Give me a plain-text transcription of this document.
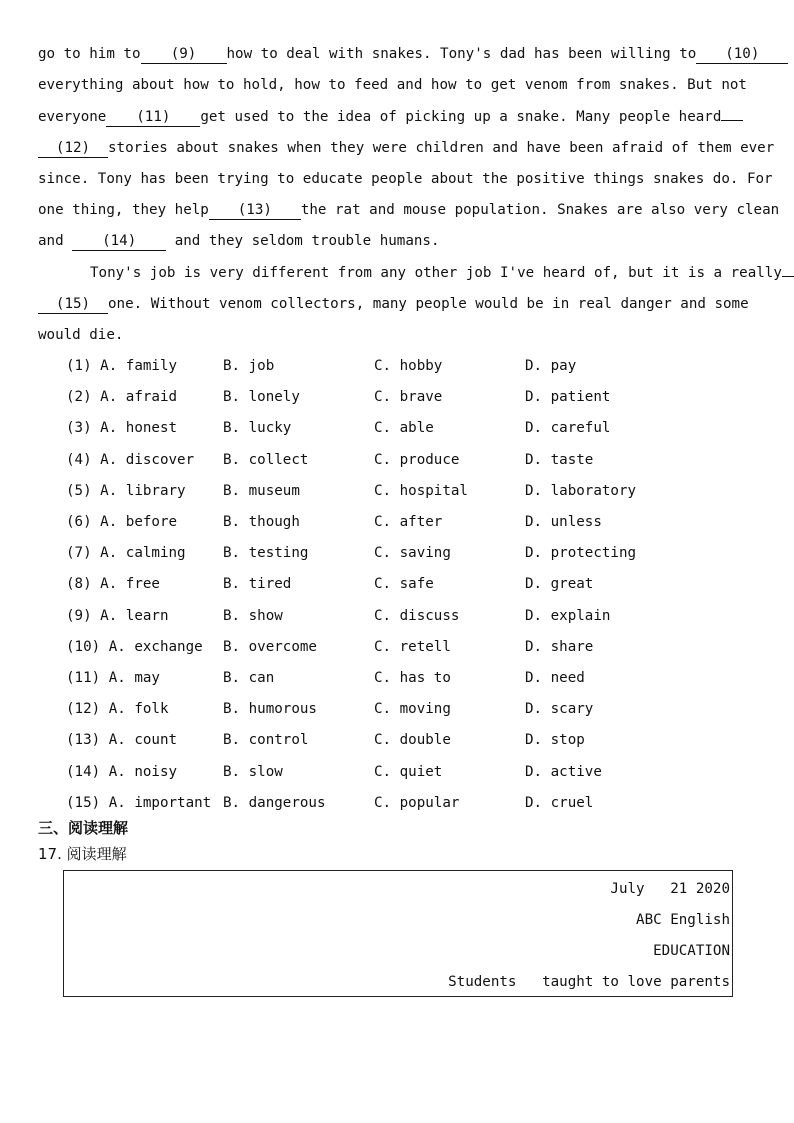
go to him to (9) how to deal with snakes. Tony's dad has been willing to (10)
everything about how to hold, how to feed and how to get venom from snakes. But not
everyone (11) get used to the idea of picking up a snake. Many people heard
(12) stories about snakes when they were children and have been afraid of them ever
since. Tony has been trying to educate people about the positive things snakes do. For
one thing, they help (13) the rat and mouse population. Snakes are also very clean
and (14) and they seldom trouble humans.
Tony's job is very different from any other job I've heard of, but it is a really
(15) one. Without venom collectors, many people would be in real danger and some
would die.
(1) A. family	B. job	C. hobby	D. pay
(2) A. afraid	B. lonely	C. brave	D. patient
(3) A. honest	B. lucky	C. able	D. careful
(4) A. discover B. collect	C. produce	D. taste
(5) A. library	B. museum	C. hospital	D. laboratory
(6) A. before	B. though	C. after	D. unless
(7) A. calming	B. testing	C. saving	D. protecting
(8) A. free	B. tired	C. safe	D. great
(9) A. learn	B. show	C. discuss	D. explain
(10) A. exchange B. overcome	C. retell	D. share
(11) A. may	B. can	C. has to	D. need
(12) A. folk	B. humorous	C. moving	D. scary
(13) A. count	B. control	C. double	D. stop
(14) A. noisy	B. slow	C. quiet	D. active
(15) A. important B. dangerous	C. popular	D. cruel
三、阅读理解
17. 阅读理解
July   21 2020
ABC English
EDUCATION
Students   taught to love parents
